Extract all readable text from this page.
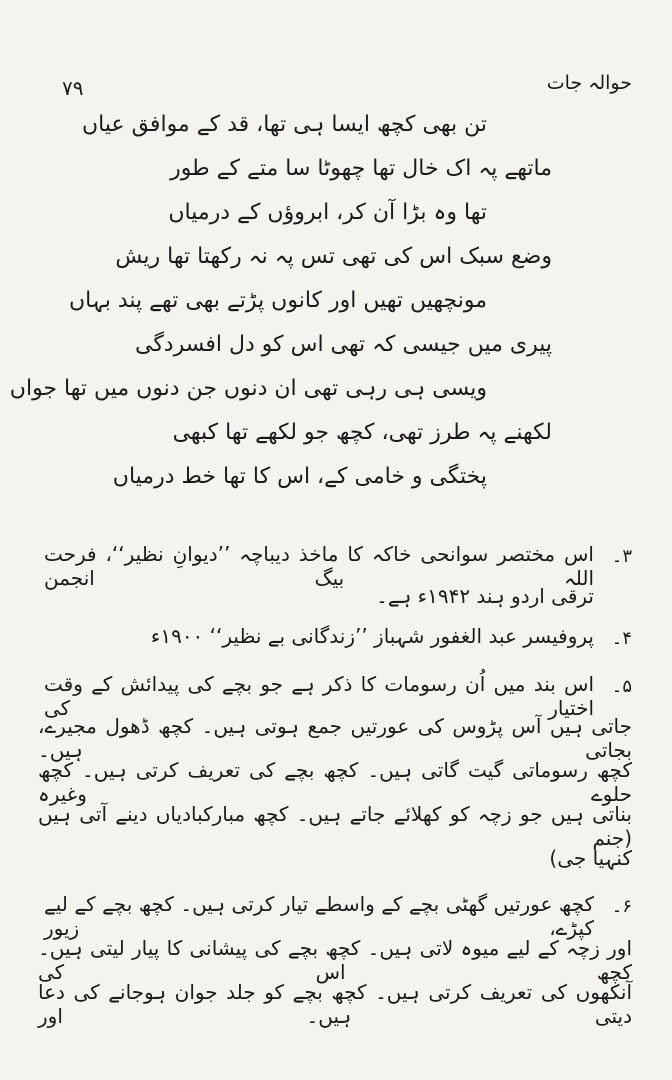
حوالہ جات
۷۹
تن بھی کچھ ایسا ہی تھا، قد کے موافق عیاں
ماتھے پہ اک خال تھا چھوٹا سا متے کے طور
تھا وہ بڑا آن کر، ابروؤں کے درمیاں
وضع سبک اس کی تھی تس پہ نہ رکھتا تھا ریش
مونچھیں تھیں اور کانوں پڑتے بھی تھے پند بہاں
پیری میں جیسی کہ تھی اس کو دل افسردگی
ویسی ہی رہی تھی ان دنوں جن دنوں میں تھا جواں
لکھنے پہ طرز تھی، کچھ جو لکھے تھا کبھی
پختگی و خامی کے، اس کا تھا خط درمیاں
۳۔
اس مختصر سوانحی خاکہ کا ماخذ دیباچہ ’’دیوانِ نظیر‘‘، فرحت اللہ بیگ انجمن
ترقی اردو ہند ۱۹۴۲ء ہے۔
۴۔
پروفیسر عبد الغفور شہباز ’’زندگانی بے نظیر‘‘ ۱۹۰۰ء
۵۔
اس بند میں اُن رسومات کا ذکر ہے جو بچے کی پیدائش کے وقت اختیار کی
جاتی ہیں آس پڑوس کی عورتیں جمع ہوتی ہیں۔ کچھ ڈھول مجیرے، بجاتی ہیں۔
کچھ رسوماتی گیت گاتی ہیں۔ کچھ بچے کی تعریف کرتی ہیں۔ کچھ حلوے وغیرہ
بناتی ہیں جو زچہ کو کھلائے جاتے ہیں۔ کچھ مبارکبادیاں دینے آتی ہیں (جنم
کنہیا جی)
۶۔
کچھ عورتیں گھٹی بچے کے واسطے تیار کرتی ہیں۔ کچھ بچے کے لیے کپڑے، زیور
اور زچہ کے لیے میوہ لاتی ہیں۔ کچھ بچے کی پیشانی کا پیار لیتی ہیں۔ کچھ اس کی
آنکھوں کی تعریف کرتی ہیں۔ کچھ بچے کو جلد جوان ہوجانے کی دعا دیتی ہیں۔ اور
